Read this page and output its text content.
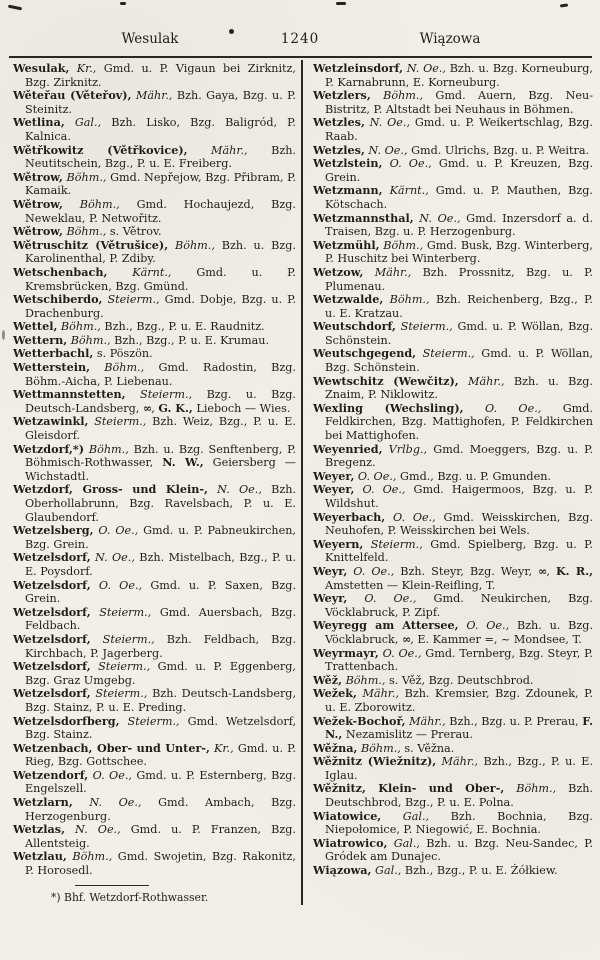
Wesulak	1240	Wiązowa

Wesulak, Kr., Gmd. u. P. Vigaun bei Zirknitz, Bzg. Zirknitz.

Wěteřau (Věteřov), Mähr., Bzh. Gaya, Bzg. u. P. Steinitz.

Wetlina, Gal., Bzh. Lisko, Bzg. Baligród, P. Kalnica.

Wětřkowitz (Větřkovice), Mähr., Bzh. Neutitschein, Bzg., P. u. E. Freiberg.

Wětrow, Böhm., Gmd. Nepřejow, Bzg. Přibram, P. Kamaik.

Wětrow, Böhm., Gmd. Hochaujezd, Bzg. Neweklau, P. Netwořitz.

Wětrow, Böhm., s. Větrov.

Wětruschitz (Větrušice), Böhm., Bzh. u. Bzg. Karolinenthal, P. Zdiby.

Wetschenbach, Kärnt., Gmd. u. P. Kremsbrücken, Bzg. Gmünd.

Wetschiberdo, Steierm., Gmd. Dobje, Bzg. u. P. Drachenburg.

Wettel, Böhm., Bzh., Bzg., P. u. E. Raudnitz.

Wettern, Böhm., Bzh., Bzg., P. u. E. Krumau.

Wetterbachl, s. Pöszön.

Wetterstein, Böhm., Gmd. Radostin, Bzg. Böhm.-Aicha, P. Liebenau.

Wettmannstetten, Steierm., Bzg. u. Bzg. Deutsch-Landsberg, ∞, G. K., Lieboch — Wies.

Wetzawinkl, Steierm., Bzh. Weiz, Bzg., P. u. E. Gleisdorf.

Wetzdorf,*) Böhm., Bzh. u. Bzg. Senftenberg, P. Böhmisch-Rothwasser, N. W., Geiersberg — Wichstadtl.

Wetzdorf, Gross- und Klein-, N. Oe., Bzh. Oberhollabrunn, Bzg. Ravelsbach, P. u. E. Glaubendorf.

Wetzelsberg, O. Oe., Gmd. u. P. Pabneukirchen, Bzg. Grein.

Wetzelsdorf, N. Oe., Bzh. Mistelbach, Bzg., P. u. E. Poysdorf.

Wetzelsdorf, O. Oe., Gmd. u. P. Saxen, Bzg. Grein.

Wetzelsdorf, Steierm., Gmd. Auersbach, Bzg. Feldbach.

Wetzelsdorf, Steierm., Bzh. Feldbach, Bzg. Kirchbach, P. Jagerberg.

Wetzelsdorf, Steierm., Gmd. u. P. Eggenberg, Bzg. Graz Umgebg.

Wetzelsdorf, Steierm., Bzh. Deutsch-Landsberg, Bzg. Stainz, P. u. E. Preding.

Wetzelsdorfberg, Steierm., Gmd. Wetzelsdorf, Bzg. Stainz.

Wetzenbach, Ober- und Unter-, Kr., Gmd. u. P. Rieg, Bzg. Gottschee.

Wetzendorf, O. Oe., Gmd. u. P. Esternberg, Bzg. Engelszell.

Wetzlarn, N. Oe., Gmd. Ambach, Bzg. Herzogenburg.

Wetzlas, N. Oe., Gmd. u. P. Franzen, Bzg. Allentsteig.

Wetzlau, Böhm., Gmd. Swojetin, Bzg. Rakonitz, P. Horosedl.

*) Bhf. Wetzdorf-Rothwasser.

Wetzleinsdorf, N. Oe., Bzh. u. Bzg. Korneuburg, P. Karnabrunn, E. Korneuburg.

Wetzlers, Böhm., Gmd. Auern, Bzg. Neu-Bistritz, P. Altstadt bei Neuhaus in Böhmen.

Wetzles, N. Oe., Gmd. u. P. Weikertschlag, Bzg. Raab.

Wetzles, N. Oe., Gmd. Ulrichs, Bzg. u. P. Weitra.

Wetzlstein, O. Oe., Gmd. u. P. Kreuzen, Bzg. Grein.

Wetzmann, Kärnt., Gmd. u. P. Mauthen, Bzg. Kötschach.

Wetzmannsthal, N. Oe., Gmd. Inzersdorf a. d. Traisen, Bzg. u. P. Herzogenburg.

Wetzmühl, Böhm., Gmd. Busk, Bzg. Winterberg, P. Huschitz bei Winterberg.

Wetzow, Mähr., Bzh. Prossnitz, Bzg. u. P. Plumenau.

Wetzwalde, Böhm., Bzh. Reichenberg, Bzg., P. u. E. Kratzau.

Weutschdorf, Steierm., Gmd. u. P. Wöllan, Bzg. Schönstein.

Weutschgegend, Steierm., Gmd. u. P. Wöllan, Bzg. Schönstein.

Wewtschitz (Wewčitz), Mähr., Bzh. u. Bzg. Znaim, P. Niklowitz.

Wexling (Wechsling), O. Oe., Gmd. Feldkirchen, Bzg. Mattighofen, P. Feldkirchen bei Mattighofen.

Weyenried, Vrlbg., Gmd. Moeggers, Bzg. u. P. Bregenz.

Weyer, O. Oe., Gmd., Bzg. u. P. Gmunden.

Weyer, O. Oe., Gmd. Haigermoos, Bzg. u. P. Wildshut.

Weyerbach, O. Oe., Gmd. Weisskirchen, Bzg. Neuhofen, P. Weisskirchen bei Wels.

Weyern, Steierm., Gmd. Spielberg, Bzg. u. P. Knittelfeld.

Weyr, O. Oe., Bzh. Steyr, Bzg. Weyr, ∞, K. R., Amstetten — Klein-Reifling, T.

Weyr, O. Oe., Gmd. Neukirchen, Bzg. Vöcklabruck, P. Zipf.

Weyregg am Attersee, O. Oe., Bzh. u. Bzg. Vöcklabruck, ∞, E. Kammer =, ~ Mondsee, T.

Weyrmayr, O. Oe., Gmd. Ternberg, Bzg. Steyr, P. Trattenbach.

Wěž, Böhm., s. Věž, Bzg. Deutschbrod.

Wežek, Mähr., Bzh. Kremsier, Bzg. Zdounek, P. u. E. Zborowitz.

Wežek-Bochoř, Mähr., Bzh., Bzg. u. P. Prerau, F. N., Nezamislitz — Prerau.

Wěžna, Böhm., s. Věžna.

Wěžnitz (Wiežnitz), Mähr., Bzh., Bzg., P. u. E. Iglau.

Wěžnitz, Klein- und Ober-, Böhm., Bzh. Deutschbrod, Bzg., P. u. E. Polna.

Wiatowice, Gal., Bzh. Bochnia, Bzg. Niepołomice, P. Niegowić, E. Bochnia.

Wiatrowico, Gal., Bzh. u. Bzg. Neu-Sandec, P. Gródek am Dunajec.

Wiązowa, Gal., Bzh., Bzg., P. u. E. Żółkiew.
